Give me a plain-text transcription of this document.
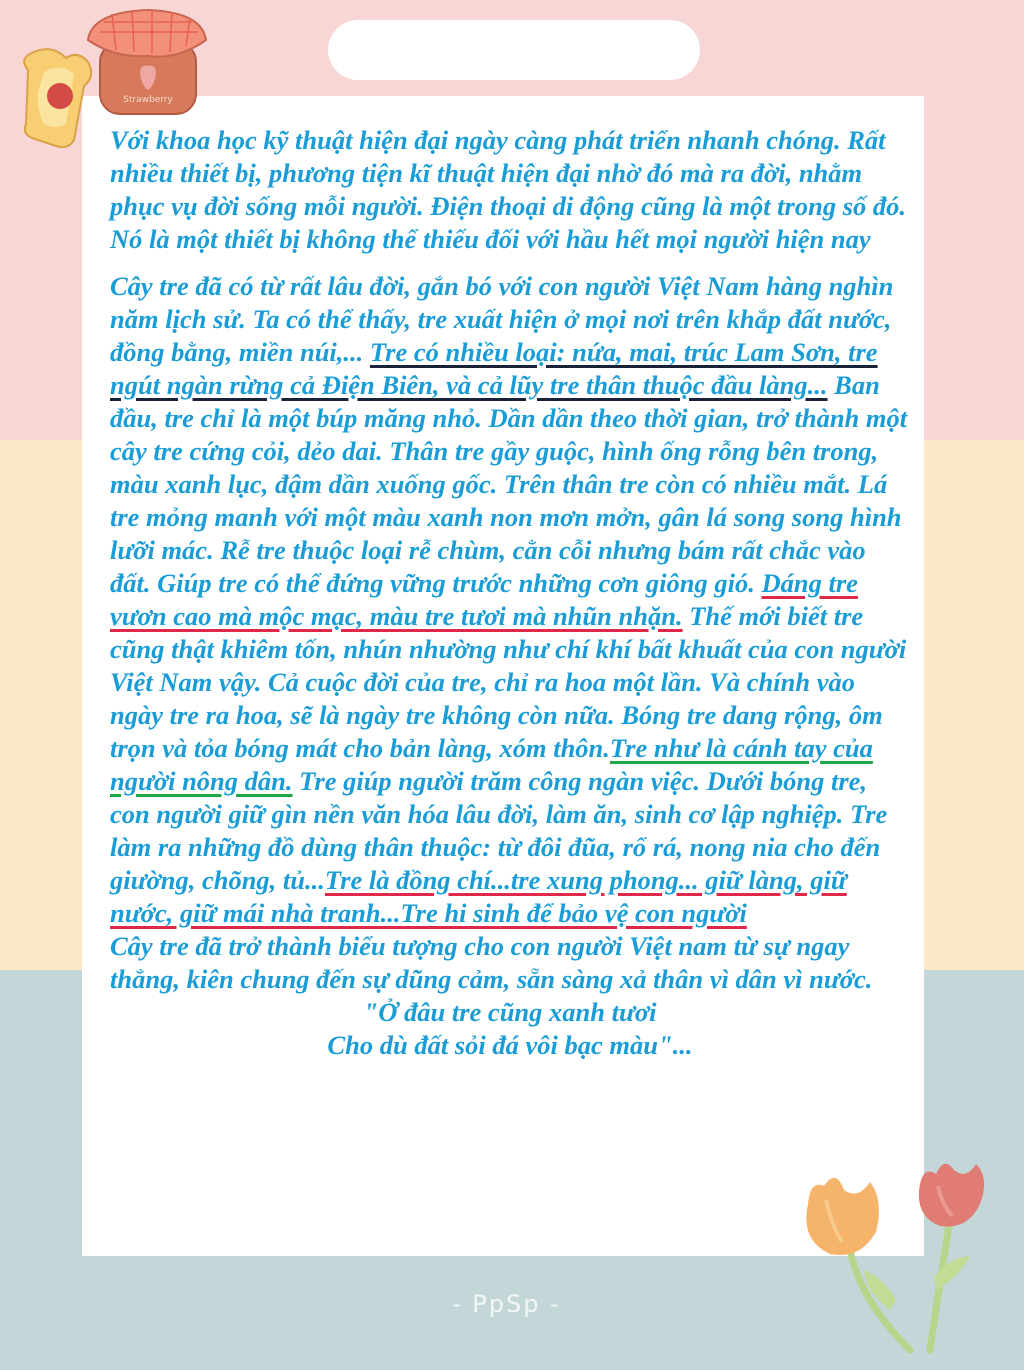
Strawberry

Với khoa học kỹ thuật hiện đại ngày càng phát triển nhanh chóng. Rất nhiều thiết bị, phương tiện kĩ thuật hiện đại nhờ đó mà ra đời, nhằm phục vụ đời sống mỗi người. Điện thoại di động cũng là một trong số đó. Nó là một thiết bị không thể thiếu đối với hầu hết mọi người hiện nay

Cây tre đã có từ rất lâu đời, gắn bó với con người Việt Nam hàng nghìn năm lịch sử. Ta có thể thấy, tre xuất hiện ở mọi nơi trên khắp đất nước, đồng bằng, miền núi,... Tre có nhiều loại: nứa, mai, trúc Lam Sơn, tre ngút ngàn rừng cả Điện Biên, và cả lũy tre thân thuộc đầu làng... Ban đầu, tre chỉ là một búp măng nhỏ. Dần dần theo thời gian, trở thành một cây tre cứng cỏi, dẻo dai. Thân tre gầy guộc, hình ống rỗng bên trong, màu xanh lục, đậm dần xuống gốc. Trên thân tre còn có nhiều mắt. Lá tre mỏng manh với một màu xanh non mơn mởn, gân lá song song hình lưỡi mác. Rễ tre thuộc loại rễ chùm, cằn cỗi nhưng bám rất chắc vào đất. Giúp tre có thể đứng vững trước những cơn giông gió. Dáng tre vươn cao mà mộc mạc, màu tre tươi mà nhũn nhặn. Thế mới biết tre cũng thật khiêm tốn, nhún nhường như chí khí bất khuất của con người Việt Nam vậy. Cả cuộc đời của tre, chỉ ra hoa một lần. Và chính vào ngày tre ra hoa, sẽ là ngày tre không còn nữa. Bóng tre dang rộng, ôm trọn và tỏa bóng mát cho bản làng, xóm thôn.Tre như là cánh tay của người nông dân. Tre giúp người trăm công ngàn việc. Dưới bóng tre, con người giữ gìn nền văn hóa lâu đời, làm ăn, sinh cơ lập nghiệp. Tre làm ra những đồ dùng thân thuộc: từ đôi đũa, rổ rá, nong nia cho đến giường, chõng, tủ...Tre là đồng chí...tre xung phong... giữ làng, giữ nước, giữ mái nhà tranh...Tre hi sinh để bảo vệ con người

Cây tre đã trở thành biểu tượng cho con người Việt nam từ sự ngay thẳng, kiên chung đến sự dũng cảm, sẵn sàng xả thân vì dân vì nước.

"Ở đâu tre cũng xanh tươi

Cho dù đất sỏi đá vôi bạc màu"...

- PpSp -
